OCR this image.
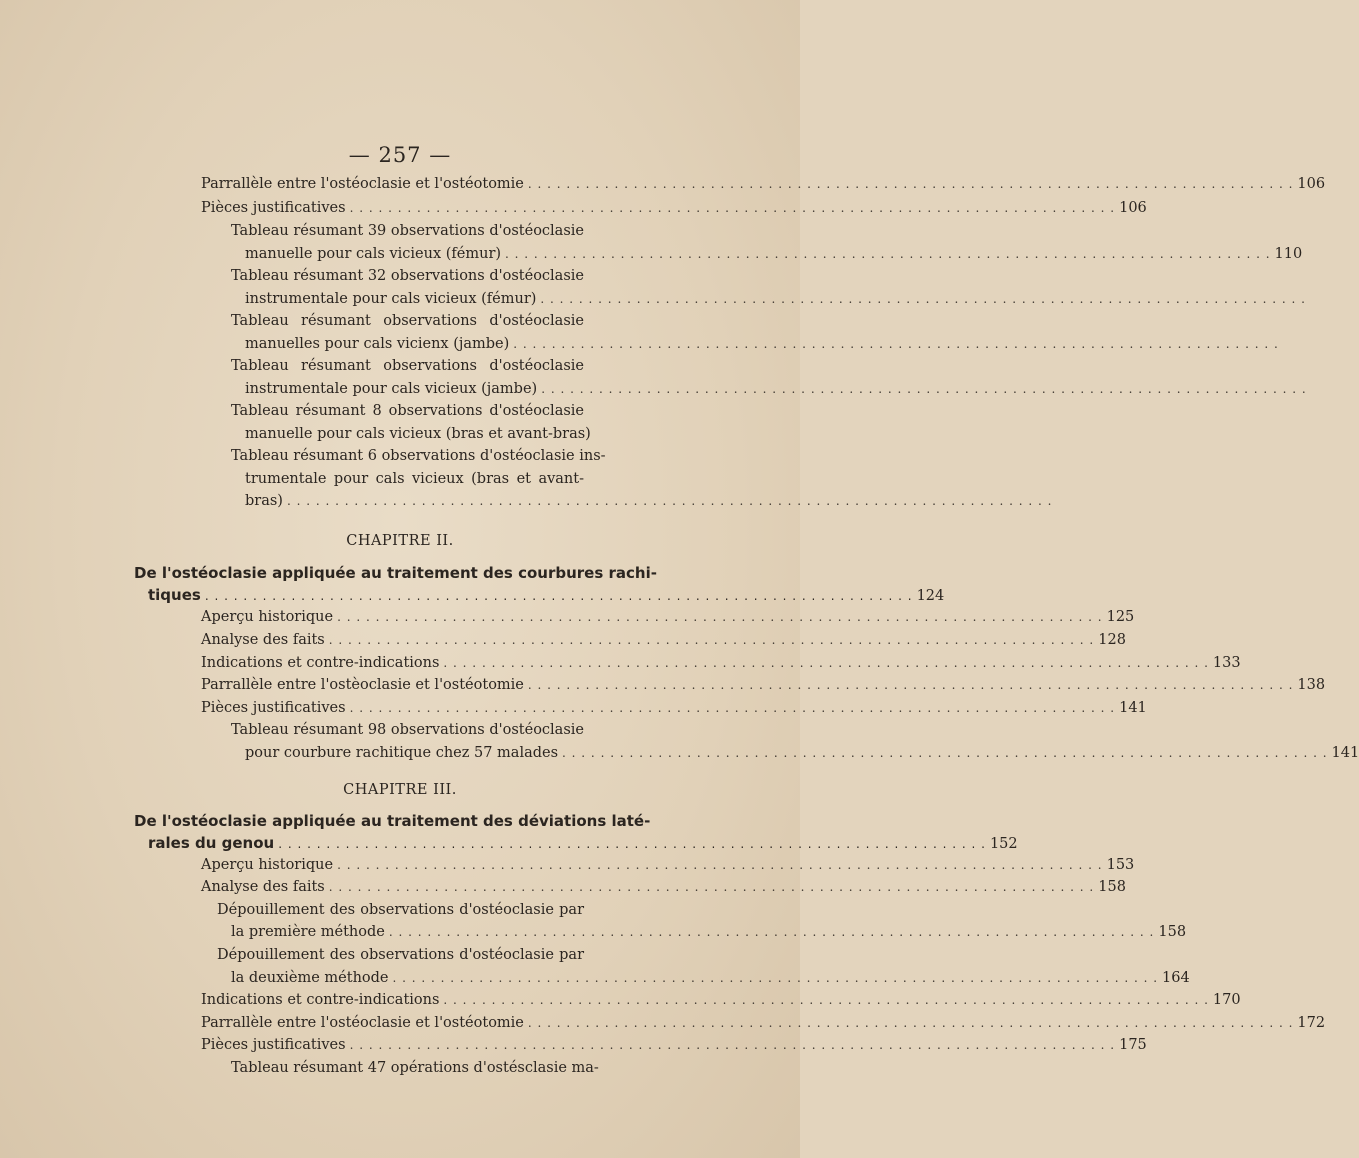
— 257 —
Parrallèle entre l'ostéoclasie et l'ostéotomie . . .	106
Pièces justificatives . . .	106
Tableau résumant 39 observations d'ostéoclasie
manuelle pour cals vicieux (fémur) . . .	110
Tableau résumant 32 observations d'ostéoclasie
instrumentale pour cals vicieux (fémur)
. . .
Tableau résumant observations d'ostéoclasie
manuelles pour cals vicienx (jambe)
. . .
Tableau résumant observations d'ostéoclasie
instrumentale pour cals vicieux (jambe)
. . .
Tableau résumant 8 observations d'ostéoclasie
manuelle pour cals vicieux (bras et avant-bras)
Tableau résumant 6 observations d'ostéoclasie ins-
trumentale pour cals vicieux (bras et avant-
bras)
. . .
CHAPITRE II.
De l'ostéoclasie appliquée au traitement des courbures rachi-
tiques . . . . . . . . . . . . . . . . . . . . . . . . . . . . . . . . . . . . . . . . . . . . . . . . . . . . . . . . . . . . . . . . . . . . . . . . . . 124
Aperçu historique . . .	125
Analyse des faits . . .	128
Indications et contre-indications . . .	133
Parrallèle entre l'ostèoclasie et l'ostéotomie . . .	138
Pièces justificatives . . .	141
Tableau résumant 98 observations d'ostéoclasie
pour courbure rachitique chez 57 malades . . .	141
CHAPITRE III.
De l'ostéoclasie appliquée au traitement des déviations laté-
rales du genou . . . . . . . . . . . . . . . . . . . . . . . . . . . . . . . . . . . . . . . . . . . . . . . . . . . . . . . . . . . . . . . . . . . . . . . . . . 152
Aperçu historique . . .	153
Analyse des faits . . .	158
Dépouillement des observations d'ostéoclasie par
la première méthode . . .	158
Dépouillement des observations d'ostéoclasie par
la deuxième méthode . . .	164
Indications et contre-indications . . .	170
Parrallèle entre l'ostéoclasie et l'ostéotomie . . .	172
Pièces justificatives . . .	175
Tableau résumant 47 opérations d'ostésclasie ma-
